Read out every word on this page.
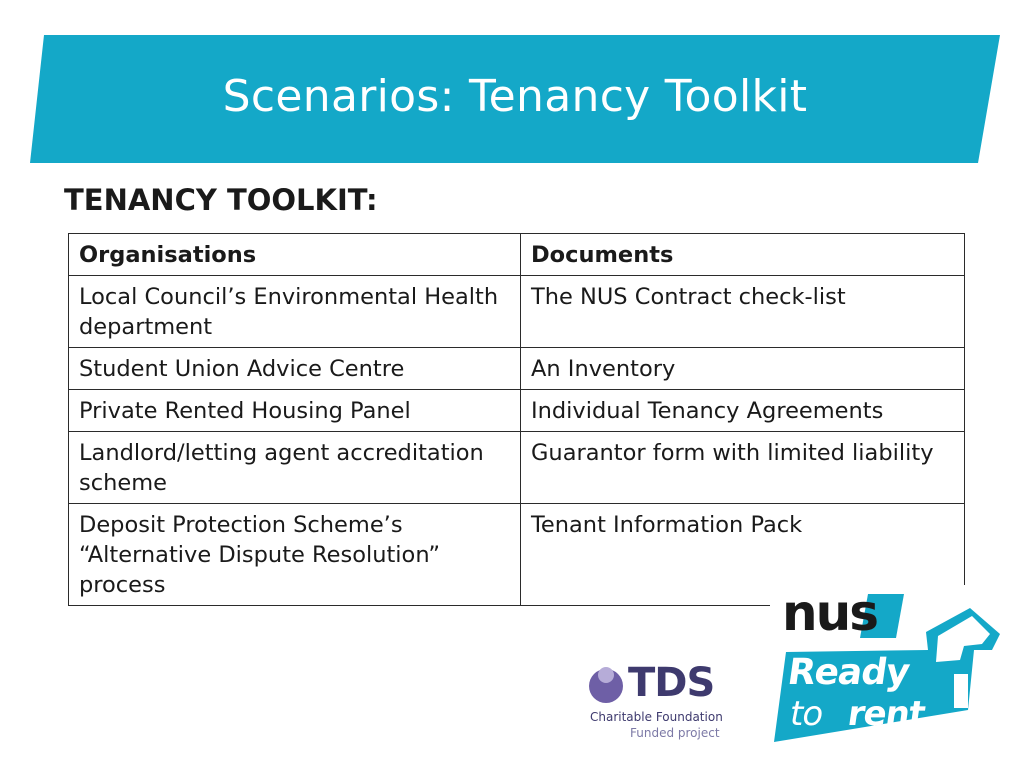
Scenarios: Tenancy Toolkit
TENANCY TOOLKIT:
Organisations	Documents
Local Council’s Environmental Health department	The NUS Contract check-list
Student Union Advice Centre	An Inventory
Private Rented Housing Panel	Individual Tenancy Agreements
Landlord/letting agent accreditation scheme	Guarantor form with limited liability
Deposit Protection Scheme’s “Alternative Dispute Resolution” process	Tenant Information Pack
TDS
Charitable Foundation
Funded project
nus
Ready
to rent
